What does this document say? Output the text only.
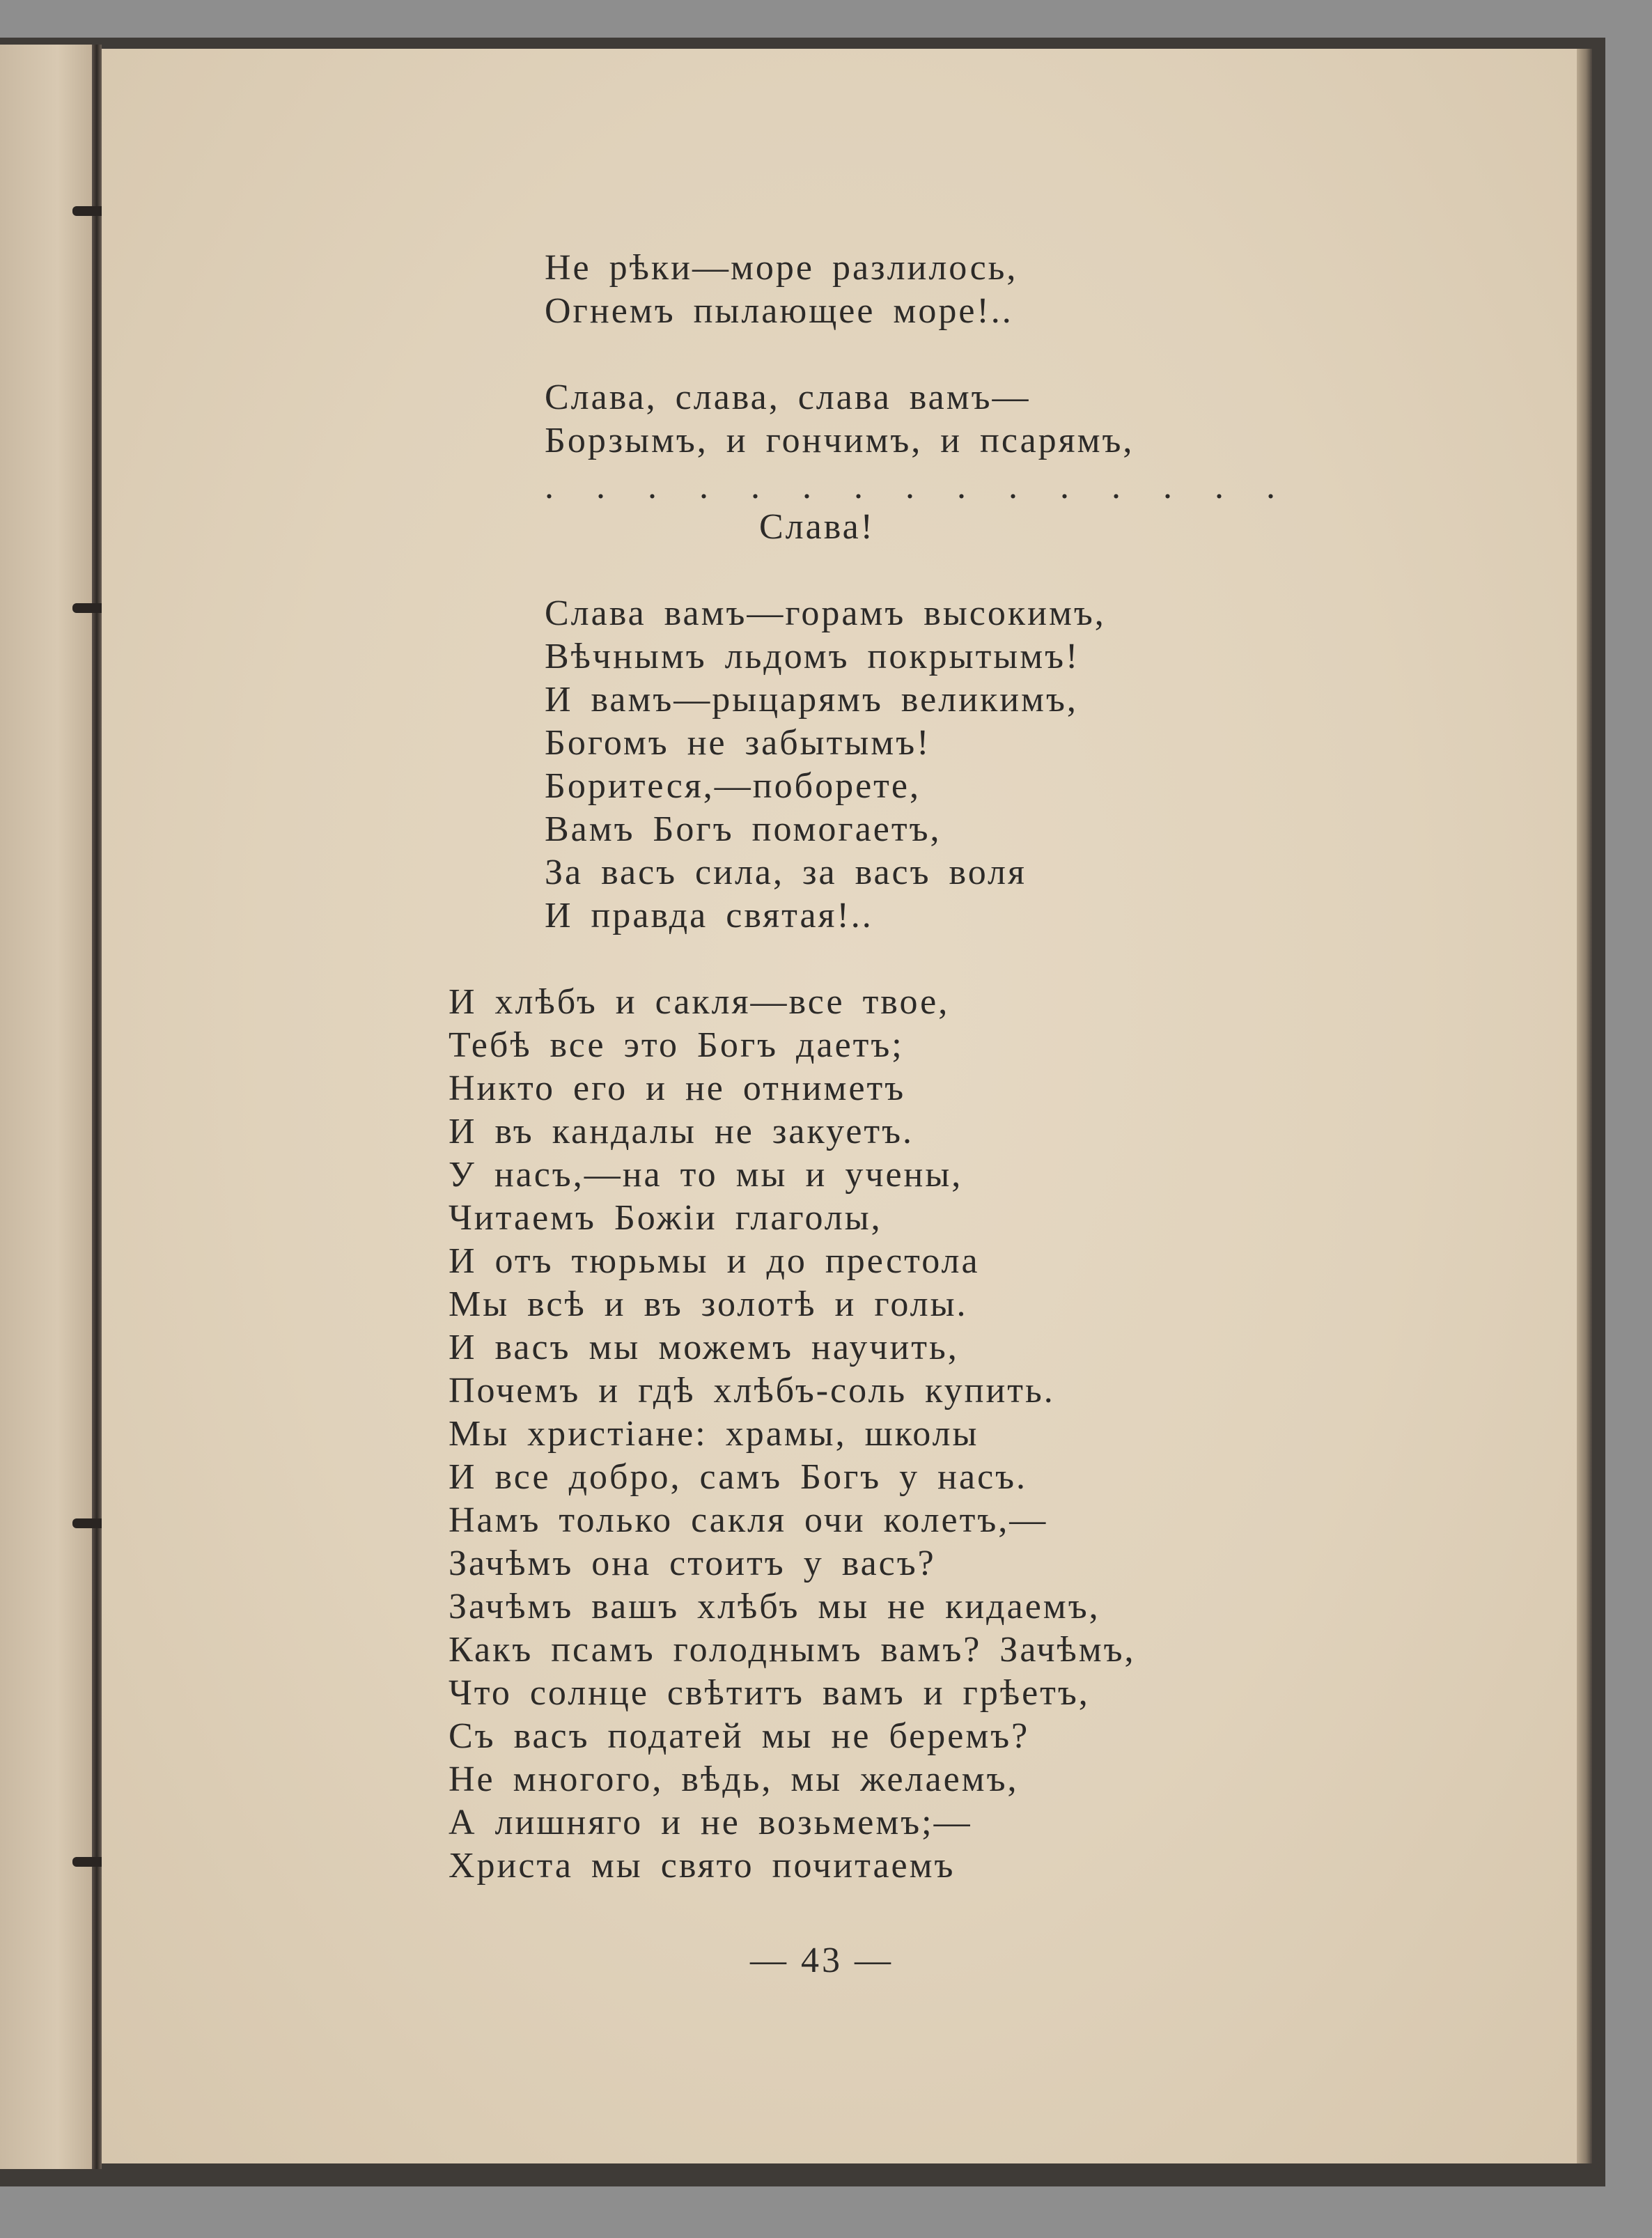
Не рѣки—море разлилось,
Огнемъ пылающее море!..
Слава, слава, слава вамъ—
Борзымъ, и гончимъ, и псарямъ,
. . . . . . . . . . . . . . .
Слава!
Слава вамъ—горамъ высокимъ,
Вѣчнымъ льдомъ покрытымъ!
И вамъ—рыцарямъ великимъ,
Богомъ не забытымъ!
Боритеся,—поборете,
Вамъ Богъ помогаетъ,
За васъ сила, за васъ воля
И правда святая!..
И хлѣбъ и сакля—все твое,
Тебѣ все это Богъ даетъ;
Никто его и не отниметъ
И въ кандалы не закуетъ.
У насъ,—на то мы и учены,
Читаемъ Божiи глаголы,
И отъ тюрьмы и до престола
Мы всѣ и въ золотѣ и голы.
И васъ мы можемъ научить,
Почемъ и гдѣ хлѣбъ-соль купить.
Мы христiане: храмы, школы
И все добро, самъ Богъ у насъ.
Намъ только сакля очи колетъ,—
Зачѣмъ она стоитъ у васъ?
Зачѣмъ вашъ хлѣбъ мы не кидаемъ,
Какъ псамъ голоднымъ вамъ? Зачѣмъ,
Что солнце свѣтитъ вамъ и грѣетъ,
Съ васъ податей мы не беремъ?
Не многого, вѣдь, мы желаемъ,
А лишняго и не возьмемъ;—
Христа мы свято почитаемъ
— 43 —
